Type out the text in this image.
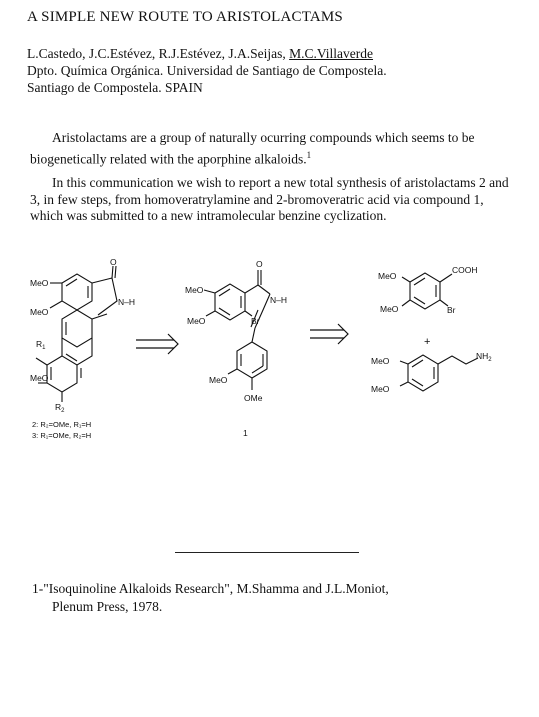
A SIMPLE NEW ROUTE TO ARISTOLACTAMS
L.Castedo, J.C.Estévez, R.J.Estévez, J.A.Seijas, M.C.Villaverde
Dpto. Química Orgánica. Universidad de Santiago de Compostela.
Santiago de Compostela. SPAIN
Aristolactams are a group of naturally ocurring compounds which seems to be biogenetically related with the aporphine alkaloids.$^1$
In this communication we wish to report a new total synthesis of aristolactams 2 and 3, in few steps, from homoveratrylamine and 2-bromoveratric acid via compound 1, which was submitted to a new intramolecular benzine cyclization.
O
N–H
MeO
MeO
$R_1$
MeO
$R_2$
2: R₂=OMe, R₁=H
3: R₁=OMe, R₂=H
O
N–H
MeO
MeO	Br
MeO
OMe
1
MeO
MeO
COOH
Br
+
MeO
MeO
$NH_2$
1-"Isoquinoline Alkaloids Research", M.Shamma and J.L.Moniot,
Plenum Press, 1978.
